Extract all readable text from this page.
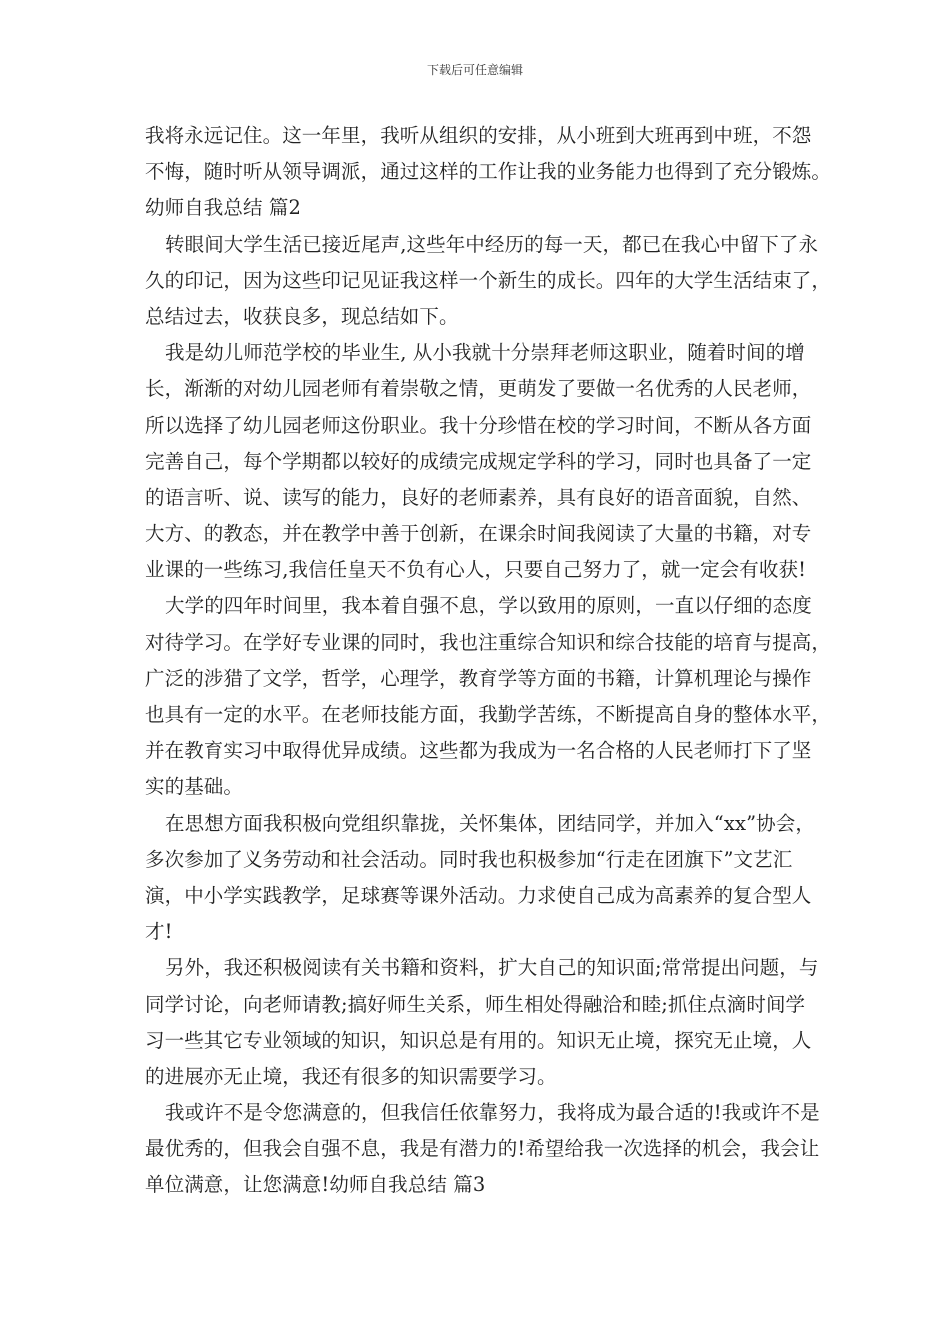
下载后可任意编辑
我将永远记住。这一年里，我听从组织的安排，从小班到大班再到中班，不怨
不悔，随时听从领导调派，通过这样的工作让我的业务能力也得到了充分锻炼。
幼师自我总结 篇2
转眼间大学生活已接近尾声,这些年中经历的每一天，都已在我心中留下了永
久的印记，因为这些印记见证我这样一个新生的成长。四年的大学生活结束了，
总结过去，收获良多，现总结如下。
我是幼儿师范学校的毕业生, 从小我就十分崇拜老师这职业，随着时间的增
长，渐渐的对幼儿园老师有着崇敬之情，更萌发了要做一名优秀的人民老师，
所以选择了幼儿园老师这份职业。我十分珍惜在校的学习时间，不断从各方面
完善自己，每个学期都以较好的成绩完成规定学科的学习，同时也具备了一定
的语言听、说、读写的能力，良好的老师素养，具有良好的语音面貌，自然、
大方、的教态，并在教学中善于创新，在课余时间我阅读了大量的书籍，对专
业课的一些练习,我信任皇天不负有心人，只要自己努力了，就一定会有收获!
大学的四年时间里，我本着自强不息，学以致用的原则，一直以仔细的态度
对待学习。在学好专业课的同时，我也注重综合知识和综合技能的培育与提高，
广泛的涉猎了文学，哲学，心理学，教育学等方面的书籍，计算机理论与操作
也具有一定的水平。在老师技能方面，我勤学苦练，不断提高自身的整体水平，
并在教育实习中取得优异成绩。这些都为我成为一名合格的人民老师打下了坚
实的基础。
在思想方面我积极向党组织靠拢，关怀集体，团结同学，并加入“xx”协会，
多次参加了义务劳动和社会活动。同时我也积极参加“行走在团旗下”文艺汇
演，中小学实践教学，足球赛等课外活动。力求使自己成为高素养的复合型人
才!
另外，我还积极阅读有关书籍和资料，扩大自己的知识面;常常提出问题，与
同学讨论，向老师请教;搞好师生关系，师生相处得融洽和睦;抓住点滴时间学
习一些其它专业领域的知识，知识总是有用的。知识无止境，探究无止境，人
的进展亦无止境，我还有很多的知识需要学习。
我或许不是令您满意的，但我信任依靠努力，我将成为最合适的!我或许不是
最优秀的，但我会自强不息，我是有潜力的!希望给我一次选择的机会，我会让
单位满意，让您满意!幼师自我总结 篇3
